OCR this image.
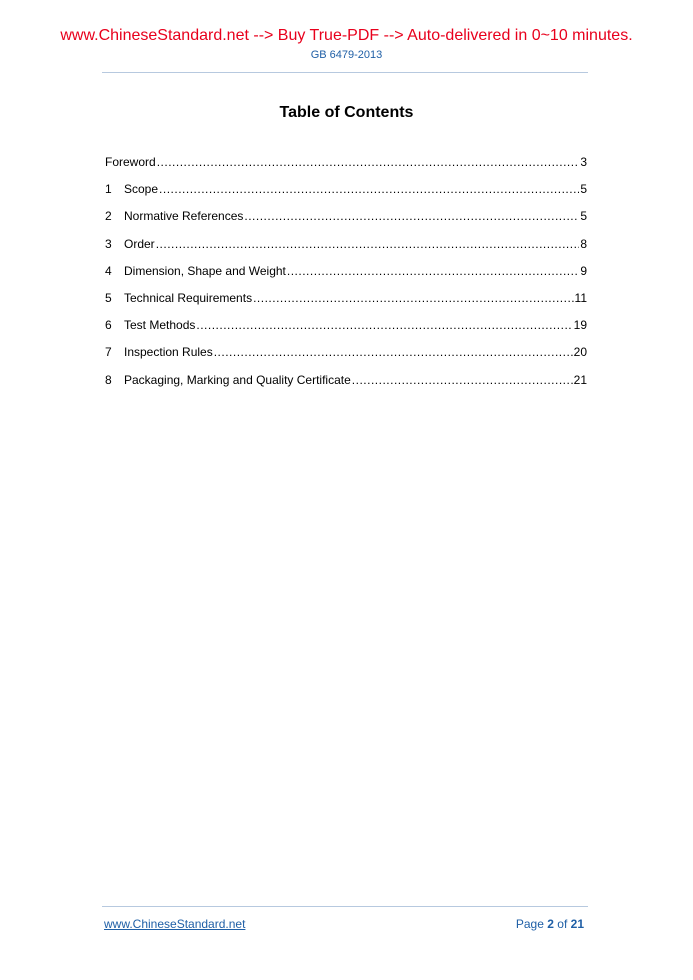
www.ChineseStandard.net --> Buy True-PDF --> Auto-delivered in 0~10 minutes.
GB 6479-2013
Table of Contents
Foreword .....	3
1	Scope .....	5
2	Normative References .....	5
3	Order .....	8
4	Dimension, Shape and Weight .....	9
5	Technical Requirements .....	11
6	Test Methods .....	19
7	Inspection Rules .....	20
8	Packaging, Marking and Quality Certificate .....	21
www.ChineseStandard.net	Page 2 of 21
